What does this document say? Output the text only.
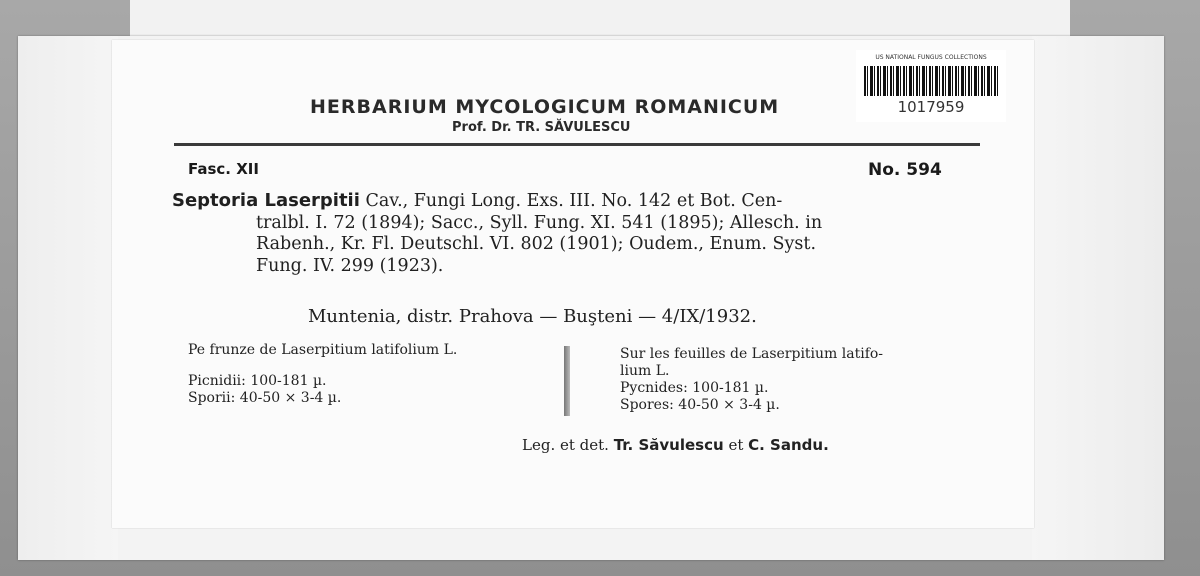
US NATIONAL FUNGUS COLLECTIONS
1017959
HERBARIUM MYCOLOGICUM ROMANICUM
Prof. Dr. TR. SĂVULESCU
Fasc. XII	No. 594
Septoria Laserpitii Cav., Fungi Long. Exs. III. No. 142 et Bot. Cen-
tralbl. I. 72 (1894); Sacc., Syll. Fung. XI. 541 (1895); Allesch. in
Rabenh., Kr. Fl. Deutschl. VI. 802 (1901); Oudem., Enum. Syst.
Fung. IV. 299 (1923).
Muntenia, distr. Prahova — Buşteni — 4/IX/1932.
Pe frunze de Laserpitium latifolium L.
Picnidii: 100-181 µ.
Sporii: 40-50 × 3-4 µ.
Sur les feuilles de Laserpitium latifo-
lium L.
Pycnides: 100-181 µ.
Spores: 40-50 × 3-4 µ.
Leg. et det. Tr. Săvulescu et C. Sandu.
